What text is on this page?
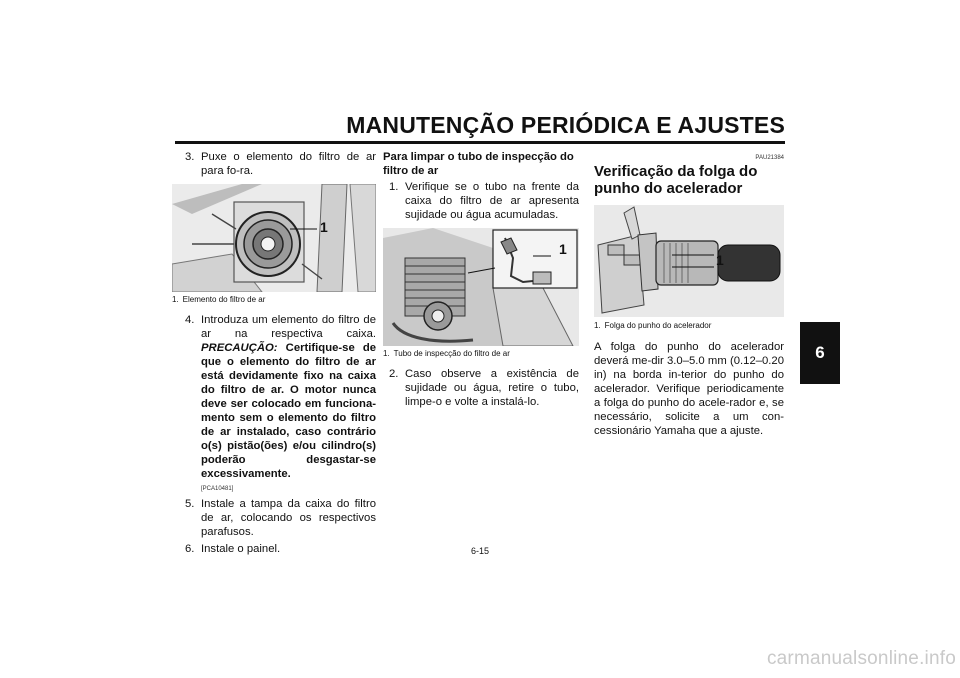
MANUTENÇÃO PERIÓDICA E AJUSTES
6
3. Puxe o elemento do filtro de ar para fo-ra.
1
1. Elemento do filtro de ar
4. Introduza um elemento do filtro de ar na respectiva caixa. PRECAUÇÃO: Certifique-se de que o elemento do filtro de ar está devidamente fixo na caixa do filtro de ar. O motor nunca deve ser colocado em funciona-mento sem o elemento do filtro de ar instalado, caso contrário o(s) pistão(ões) e/ou cilindro(s) poderão desgastar-se excessivamente.
[PCA10481]
5. Instale a tampa da caixa do filtro de ar, colocando os respectivos parafusos.
6. Instale o painel.
Para limpar o tubo de inspecção do filtro de ar
1. Verifique se o tubo na frente da caixa do filtro de ar apresenta sujidade ou água acumuladas.
1
1. Tubo de inspecção do filtro de ar
2. Caso observe a existência de sujidade ou água, retire o tubo, limpe-o e volte a instalá-lo.
PAU21384
Verificação da folga do punho do acelerador
1
1. Folga do punho do acelerador

A folga do punho do acelerador deverá me-dir 3.0–5.0 mm (0.12–0.20 in) na borda in-terior do punho do acelerador. Verifique periodicamente a folga do punho do acele-rador e, se necessário, solicite a um con-cessionário Yamaha que a ajuste.

6-15
carmanualsonline.info
